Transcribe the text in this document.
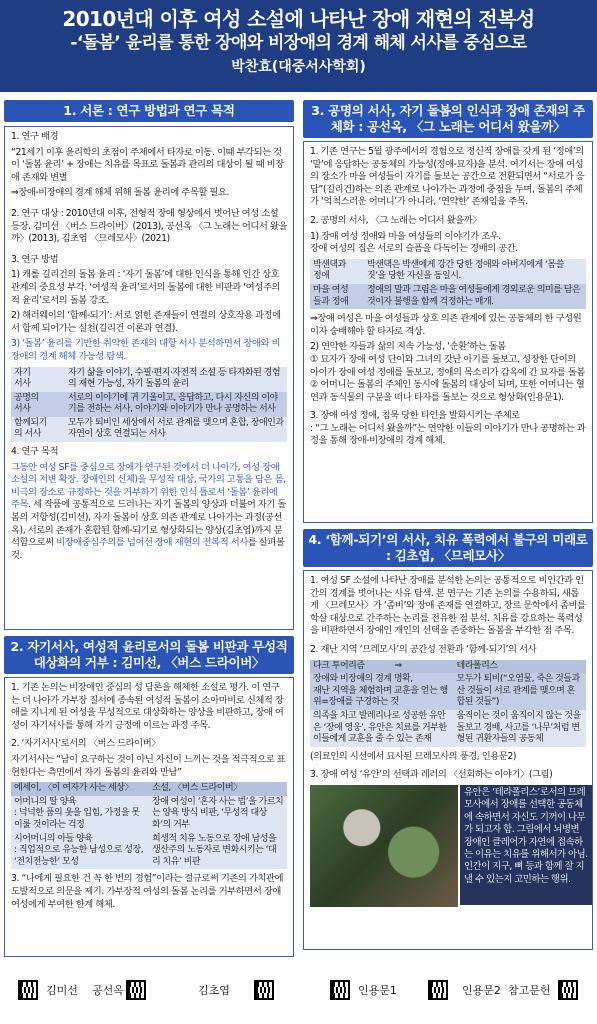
2010년대 이후 여성 소설에 나타난 장애 재현의 전복성
-‘돌봄’ 윤리를 통한 장애와 비장애의 경계 해체 서사를 중심으로
박찬효(대중서사학회)
1. 서론 : 연구 방법과 연구 목적

1. 연구 배경

“21세기 이후 윤리학의 초점이 주체에서 타자로 이동. 이때 부각되는 것이 ‘돌봄 윤리’ + 장애는 치유를 목표로 돌봄과 관리의 대상이 될 때 비장애 존재와 변별

⇒장애-비장애의 경계 해체 위해 돌봄 윤리에 주목할 필요.

2. 연구 대상 : 2010년대 이후, 전형적 장애 형상에서 벗어난 여성 소설 등장. 김미선 〈버스 드라이버〉(2013), 공선옥 〈그 노래는 어디서 왔을까〉(2013), 김초엽 〈므레모사〉(2021)

3. 연구 방법

1) 캐롤 길리건의 돌봄 윤리 : ‘자기 돌봄’에 대한 인식을 통해 인간 상호 관계의 중요성 부각. ‘여성적 윤리’로서의 돌봄에 대한 비판과 ‘여성주의적 윤리’로서의 돌봄 강조.

2) 해러웨이의 ‘함께-되기’: 서로 얽힌 존재들이 연결의 상호작용 과정에서 함께 되어가는 실천(길리건 이론과 연결).

3) ‘돌봄’ 윤리를 기반한 취약한 존재의 대항 서사 분석하면서 장애와 비장애의 경계 해체 가능성 탐색.

자기
서사	자기 삶을 이야기, 수필·편지·자전적 소설 등 타자화된 경험의 재현 가능성, 자기 돌봄의 윤리
공명의
서사	서로의 이야기에 귀 기울이고, 응답하고, 다시 자신의 이야기를 전하는 서사, 이야기와 이야기가 만나 공명하는 서사
함께되기
의 서사	모두가 퇴비인 세상에서 서로 관계를 맺으며 혼합, 장애인과 자연이 상호 연결되는 서사

4. 연구 목적

그동안 여성 SF를 중심으로 장애가 연구된 것에서 더 나아가, 여성 장애 소설의 저변 확장. 장애인의 신체)을 무성적 대상, 국가의 고통을 담은 몸, 비극의 장소로 규정하는 것을 거부하기 위한 인식 틀로서 ‘돌봄’ 윤리에 주목. 세 작품에 공통적으로 드러나는 자기 돌봄의 양상과 더불어 자기 돌봄의 저항성(김미선), 자기 돌봄이 상호 의존 관계로 나아가는 과정(공선옥), 서로의 존재가 혼합된 함께-되기로 형상화되는 양상(김초엽)까지 분석함으로써 비장애중심주의를 넘어선 장애 재현의 전복적 서사를 살펴볼 것.

2. 자기서사, 여성적 윤리로서의 돌봄 비판과 무성적 대상화의 거부 : 김미선, 〈버스 드라이버〉

1. 기존 논의는 비장애인 중심의 성 담론을 해체한 소설로 평가. 이 연구는 더 나아가 가부장 질서에 종속된 여성적 돌봄이 소아마비로 신체적 장애를 지니게 된 여성을 무성적으로 대상화하는 양상을 비판하고, 장애 여성이 자기서사를 통해 자기 긍정에 이르는 과정 주목.

2. ‘자기서사’로서의 〈버스 드라이버〉

자기서사는 “남이 요구하는 것이 아닌 자신이 느끼는 것을 적극적으로 표현한다는 측면에서 자기 돌봄의 윤리와 만남”

에세이, 〈이 여자가 사는 세상〉	소설, 〈버스 드라이버〉
어머니의 딸 양육
: 넉넉한 품의 옷을 입힘, 가정을 못 이룰 것이라는 걱정	장애 여성이 ‘혼자 사는 법’을 가르치는 양육 방식 비판, ‘무성적 대상화’의 거부
시어머니의 아들 양육
: 직업적으로 유능한 남성으로 성장, ‘전치전능한’ 모성	희생적 치유 노동으로 장애 남성을 생산주의 노동자로 변화시키는 ‘대리 치유’ 비판

3. “나에게 필요한 건 꼭 한 번의 경험”이라는 절규로써 기존의 가치관에 도발적으로 의문을 제기. 가부장적 여성의 돌봄 논리를 거부하면서 장애 여성에게 부여한 한계 해체.

3. 공명의 서사, 자기 돌봄의 인식과 장애 존재의 주체화 : 공선옥, 〈그 노래는 어디서 왔을까〉

1. 기존 연구는 5월 광주에서의 경험으로 정신적 장애를 갖게 된 ‘정애’의 ‘말’에 응답하는 공동체의 가능성(정애-묘자)을 분석. 여기서는 장애 여성의 장소가 마을 여성들이 자기를 돌보는 공간으로 전환되면서 “서로가 응답”(길리건)하는 의존 관계로 나아가는 과정에 중점을 두며, 돌봄의 주체가 ‘억척스러운 어머니’가 아니라, ‘연약한’ 존재임을 주목.

2. 공명의 서사, 〈그 노래는 어디서 왔을까〉

1) 장애 여성 정애와 마을 여성들의 이야기가 조우.
장애 여성의 집은 서로의 슬픔을 다독이는 경배의 공간.

박샌댁과
정애	박샌댁은 박샌에게 강간 당한 정애와 아버지에게 ‘몸쓸 짓’을 당한 자신을 동일시.
마을 여성
들과 정애	정애의 말과 그림은 마을 여성들에게 경외로운 의미를 담은 것이자 불행을 함께 걱정하는 매개.

⇒장애 여성은 마을 여성들과 상호 의존 관계에 있는 공동체의 한 구성원이자 숭배해야 할 타자로 격상.

2) 연약한 자들과 삶의 지속 가능성, ‘순환’하는 돌봄
① 묘자가 장애 여성 단이와 그녀의 갓난 아기를 돌보고, 성장한 단이의 아이가 장애 여성 정애를 돌보고, 정애의 목소리가 감옥에 간 묘자를 돌봄 ② 어머니는 돌봄의 주체인 동시에 돌봄의 대상이 되며, 또한 어머니는 혈연과 동식물의 구분을 떠나 타자를 돌보는 것으로 형상화(인용문1).

3. 장애 여성 정애, 침묵 당한 타인을 발화시키는 주체로
: “그 노래는 어디서 왔을까”는 연약한 이들의 이야기가 만나 공명하는 과정을 통해 장애-비장애의 경계 해체.

4. ‘함께-되기’의 서사, 치유 폭력에서 불구의 미래로 : 김초엽, 〈므레모사〉

1. 여성 SF 소설에 나타난 장애를 분석한 논의는 공통적으로 비인간과 인간의 경계를 벗어나는 사유 탐색. 본 연구는 기존 논의를 수용하되, 새롭게 〈므레모사〉가 ‘좀비’와 장애 존재를 연결하고, 장르 문학에서 좀비를 학살 대상으로 간주하는 논리를 전유한 점 분석. 치유를 강요하는 폭력성을 비판하면서 장애인 개인의 선택을 존중하는 돌봄을 부각한 점 주목.

2. 재난 지역 ‘므레모사’의 공간성 전환과 ‘함께-되기’의 서사

다크 투어리즘 ⇒	테라폴리스
장애와 비장애의 경계 명확,
재난 지역을 체험하며 교훈을 얻는 행위=장애를 구경하는 것	모두가 퇴비(“오염물, 죽은 것들과 산 것들이 서로 관계를 맺으며 혼합된 것들”)
의족을 차고 발레리나로 성공한 유안은 ‘장애 영웅’, 유안은 치료를 거부한 이들에게 교훈을 줄 수 있는 존재	움직이는 것이 움직이지 않는 것을 돌보고 경배, 사고를 ‘나무’처럼 변형된 귀환자들의 공동체

(의료인의 시선에서 묘사된 므레모사의 풍경, 인용문2)

3. 장애 여성 ‘유안’의 선택과 레러의 〈선회하는 이야기〉(그림)

유안은 ‘테라폴리스’로서의 므레모사에서 장애를 선택한 공동체에 속하면서 자신도 기꺼이 나무가 되고자 함. 그림에서 뇌병변 장애인 클레어가 자연에 접속하는 이유는 치유를 위해서가 아님. 인간이 지구, 뼈 등과 함께 잘 지낼 수 있는지 고민하는 행위.
김미선 공선옥	김초엽	인용문1	인용문2 참고문헌
